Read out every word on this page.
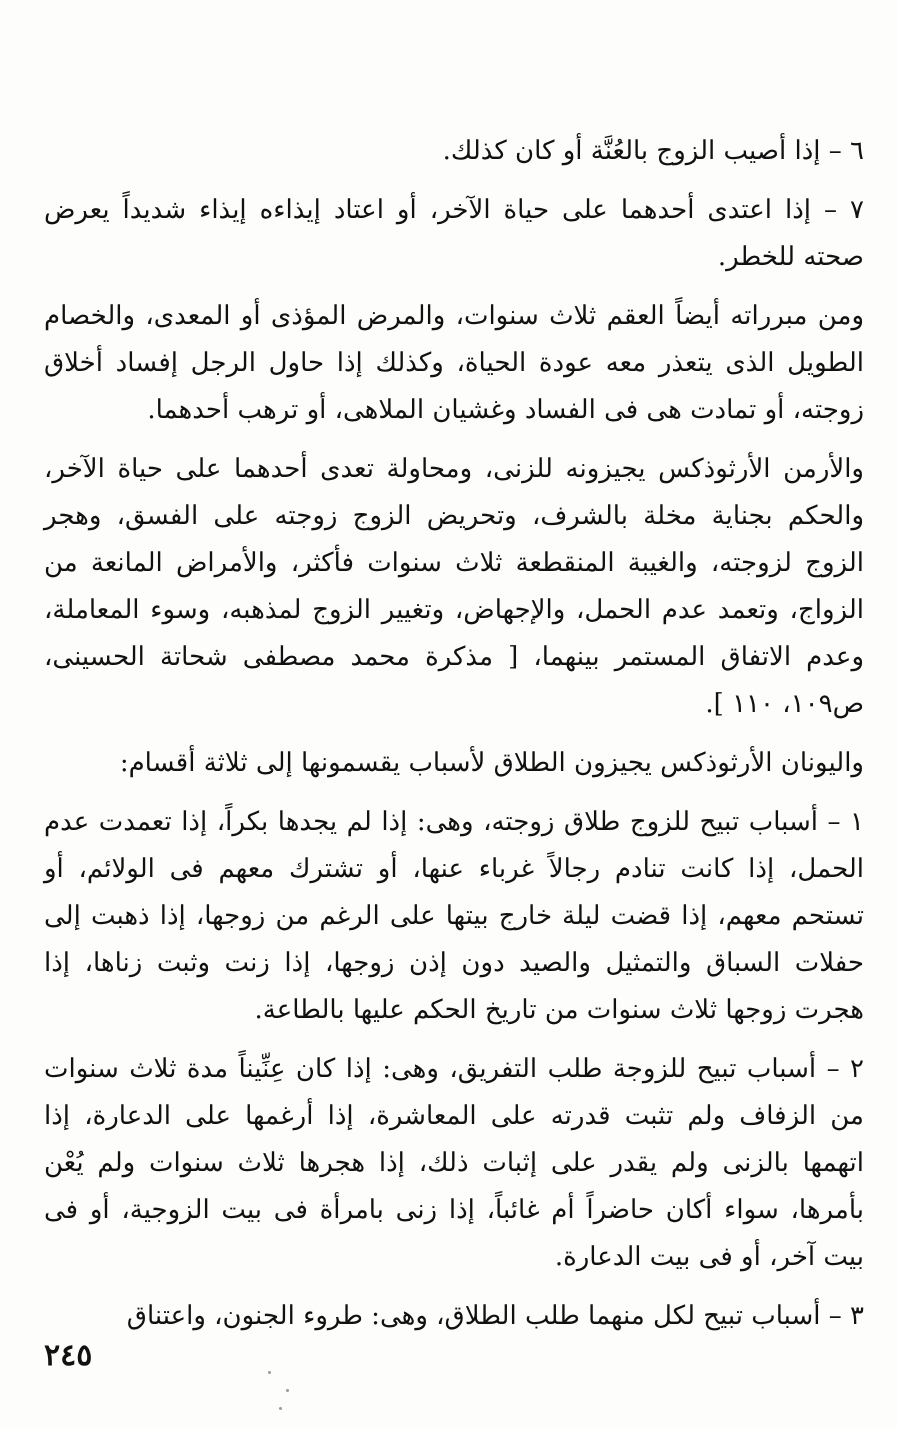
٦ – إذا أصيب الزوج بالعُنَّة أو كان كذلك.

٧ – إذا اعتدى أحدهما على حياة الآخر، أو اعتاد إيذاءه إيذاء شديداً يعرض صحته للخطر.

ومن مبرراته أيضاً العقم ثلاث سنوات، والمرض المؤذى أو المعدى، والخصام الطويل الذى يتعذر معه عودة الحياة، وكذلك إذا حاول الرجل إفساد أخلاق زوجته، أو تمادت هى فى الفساد وغشيان الملاهى، أو ترهب أحدهما.

والأرمن الأرثوذكس يجيزونه للزنى، ومحاولة تعدى أحدهما على حياة الآخر، والحكم بجناية مخلة بالشرف، وتحريض الزوج زوجته على الفسق، وهجر الزوج لزوجته، والغيبة المنقطعة ثلاث سنوات فأكثر، والأمراض المانعة من الزواج، وتعمد عدم الحمل، والإجهاض، وتغيير الزوج لمذهبه، وسوء المعاملة، وعدم الاتفاق المستمر بينهما، [ مذكرة محمد مصطفى شحاتة الحسينى، ص١٠٩، ١١٠ ].

واليونان الأرثوذكس يجيزون الطلاق لأسباب يقسمونها إلى ثلاثة أقسام:

١ – أسباب تبيح للزوج طلاق زوجته، وهى: إذا لم يجدها بكراً، إذا تعمدت عدم الحمل، إذا كانت تنادم رجالاً غرباء عنها، أو تشترك معهم فى الولائم، أو تستحم معهم، إذا قضت ليلة خارج بيتها على الرغم من زوجها، إذا ذهبت إلى حفلات السباق والتمثيل والصيد دون إذن زوجها، إذا زنت وثبت زناها، إذا هجرت زوجها ثلاث سنوات من تاريخ الحكم عليها بالطاعة.

٢ – أسباب تبيح للزوجة طلب التفريق، وهى: إذا كان عِنِّيناً مدة ثلاث سنوات من الزفاف ولم تثبت قدرته على المعاشرة، إذا أرغمها على الدعارة، إذا اتهمها بالزنى ولم يقدر على إثبات ذلك، إذا هجرها ثلاث سنوات ولم يُعْن بأمرها، سواء أكان حاضراً أم غائباً، إذا زنى بامرأة فى بيت الزوجية، أو فى بيت آخر، أو فى بيت الدعارة.

٣ – أسباب تبيح لكل منهما طلب الطلاق، وهى: طروء الجنون، واعتناق

٢٤٥
